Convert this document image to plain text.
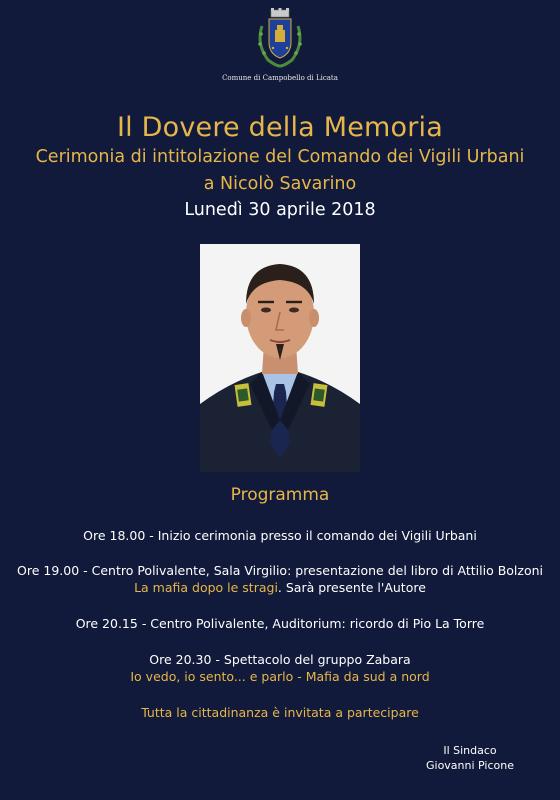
Comune di Campobello di Licata
Il Dovere della Memoria
Cerimonia di intitolazione del Comando dei Vigili Urbani
a Nicolò Savarino
Lunedì 30 aprile 2018
Programma
Ore 18.00 - Inizio cerimonia presso il comando dei Vigili Urbani
Ore 19.00 - Centro Polivalente, Sala Virgilio: presentazione del libro di Attilio Bolzoni
La mafia dopo le stragi. Sarà presente l'Autore
Ore 20.15 - Centro Polivalente, Auditorium: ricordo di Pio La Torre
Ore 20.30 - Spettacolo del gruppo Zabara
Io vedo, io sento... e parlo - Mafia da sud a nord
Tutta la cittadinanza è invitata a partecipare
Il Sindaco
Giovanni Picone
